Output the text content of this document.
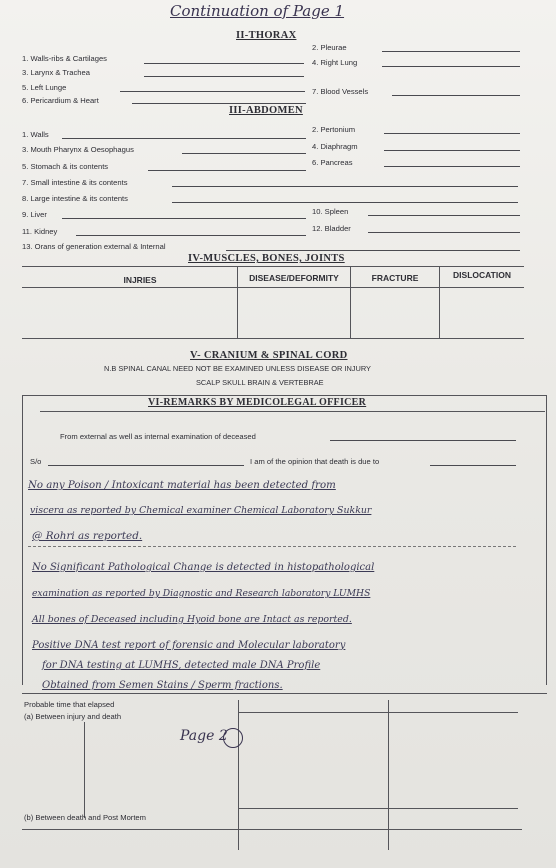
Continuation of Page 1
II-THORAX
1. Walls-ribs & Cartilages
3. Larynx & Trachea
5. Left Lunge
6. Pericardium & Heart
2. Pleurae
4. Right Lung
7. Blood Vessels
III-ABDOMEN
1. Walls
3. Mouth Pharynx & Oesophagus
5. Stomach & its contents
7. Small intestine & its contents
8. Large intestine & its contents
9. Liver
11. Kidney
13. Orans of generation external & Internal
2. Pertonium
4. Diaphragm
6. Pancreas
10. Spleen
12. Bladder
IV-MUSCLES, BONES, JOINTS
INJRIES	DISEASE/DEFORMITY	FRACTURE	DISLOCATION
V- CRANIUM & SPINAL CORD
N.B SPINAL CANAL NEED NOT BE EXAMINED UNLESS DISEASE OR INJURY
SCALP SKULL BRAIN & VERTEBRAE
VI-REMARKS BY MEDICOLEGAL OFFICER
From external as well as internal examination of deceased
S/o	I am of the opinion that death is due to
No any Poison / Intoxicant material has been detected from
viscera as reported by Chemical examiner Chemical Laboratory Sukkur
@ Rohri as reported.
No Significant Pathological Change is detected in histopathological
examination as reported by Diagnostic and Research laboratory LUMHS
All bones of Deceased including Hyoid bone are Intact as reported.
Positive DNA test report of forensic and Molecular laboratory
for DNA testing at LUMHS, detected male DNA Profile
Obtained from Semen Stains / Sperm fractions.
Probable time that elapsed
(a) Between injury and death
Page 2
(b) Between death and Post Mortem
